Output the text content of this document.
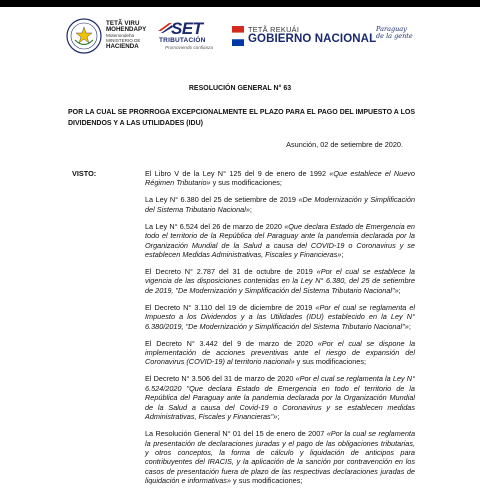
TETÃ VIRU
MOHENDAPY
Motenondeha
MINISTERIO DE
HACIENDA
SET
TRIBUTACIÓN
Promoviendo confianza
TETÃ REKUÁI
GOBIERNO NACIONAL
Paraguay
de la gente
RESOLUCIÓN GENERAL N° 63
POR LA CUAL SE PRORROGA EXCEPCIONALMENTE EL PLAZO PARA EL PAGO DEL IMPUESTO A LOS DIVIDENDOS Y A LAS UTILIDADES (IDU)
Asunción, 02 de setiembre de 2020.
VISTO:	El Libro V de la Ley N° 125 del 9 de enero de 1992 «Que establece el Nuevo Régimen Tributario» y sus modificaciones;

La Ley N° 6.380 del 25 de setiembre de 2019 «De Modernización y Simplificación del Sistema Tributario Nacional»;

La Ley N° 6.524 del 26 de marzo de 2020 «Que declara Estado de Emergencia en todo el territorio de la República del Paraguay ante la pandemia declarada por la Organización Mundial de la Salud a causa del COVID-19 o Coronavirus y se establecen Medidas Administrativas, Fiscales y Financieras»;

El Decreto N° 2.787 del 31 de octubre de 2019 «Por el cual se establece la vigencia de las disposiciones contenidas en la Ley N° 6.380, del 25 de setiembre de 2019, "De Modernización y Simplificación del Sistema Tributario Nacional"»;

El Decreto N° 3.110 del 19 de diciembre de 2019 «Por el cual se reglamenta el Impuesto a los Dividendos y a las Utilidades (IDU) establecido en la Ley N° 6.380/2019, "De Modernización y Simplificación del Sistema Tributario Nacional"»;

El Decreto N° 3.442 del 9 de marzo de 2020 «Por el cual se dispone la implementación de acciones preventivas ante el riesgo de expansión del Coronavirus (COVID-19) al territorio nacional» y sus modificaciones;

El Decreto N° 3.506 del 31 de marzo de 2020 «Por el cual se reglamenta la Ley N° 6.524/2020 "Que declara Estado de Emergencia en todo el territorio de la República del Paraguay ante la pandemia declarada por la Organización Mundial de la Salud a causa del Covid-19 o Coronavirus y se establecen medidas Administrativas, Fiscales y Financieras"»;

La Resolución General N° 01 del 15 de enero de 2007 «Por la cual se reglamenta la presentación de declaraciones juradas y el pago de las obligaciones tributarias, y otros conceptos, la forma de cálculo y liquidación de anticipos para contribuyentes del IRACIS, y la aplicación de la sanción por contravención en los casos de presentación fuera de plazo de las respectivas declaraciones juradas de liquidación e informativas» y sus modificaciones;
